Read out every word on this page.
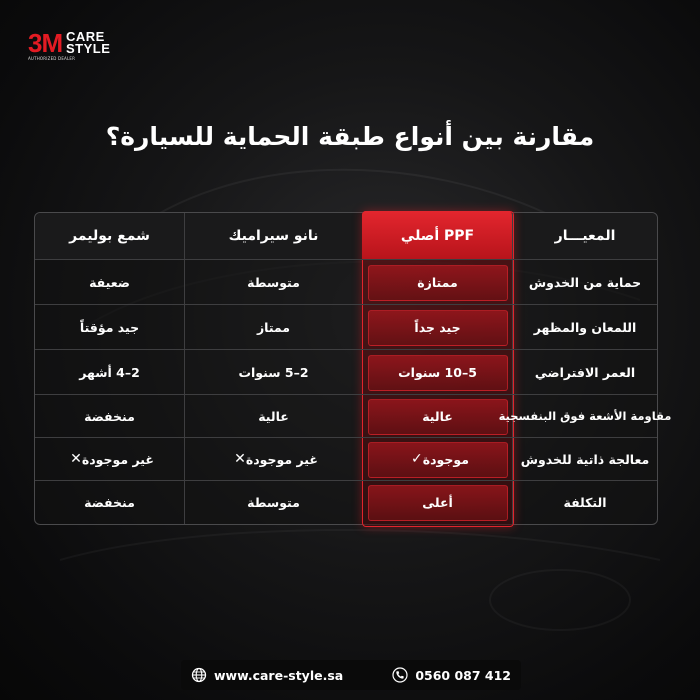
3M CARE
STYLE
AUTHORIZED DEALER
مقارنة بين أنواع طبقة الحماية للسيارة؟
المعيـــار
PPF أصلي
نانو سيراميك
شمع بوليمر
حماية من الخدوش
ممتازة
متوسطة
ضعيفة
اللمعان والمظهر
جيد جداً
ممتاز
جيد مؤقتاً
العمر الافتراضي
5–10 سنوات
2–5 سنوات
2–4 أشهر
مقاومة الأشعة فوق البنفسجية
عالية
عالية
منخفضة
معالجة ذاتية للخدوش
موجودة
✓
غير موجودة
✕
غير موجودة
✕
التكلفة
أعلى
متوسطة
منخفضة
www.care-style.sa	0560 087 412
